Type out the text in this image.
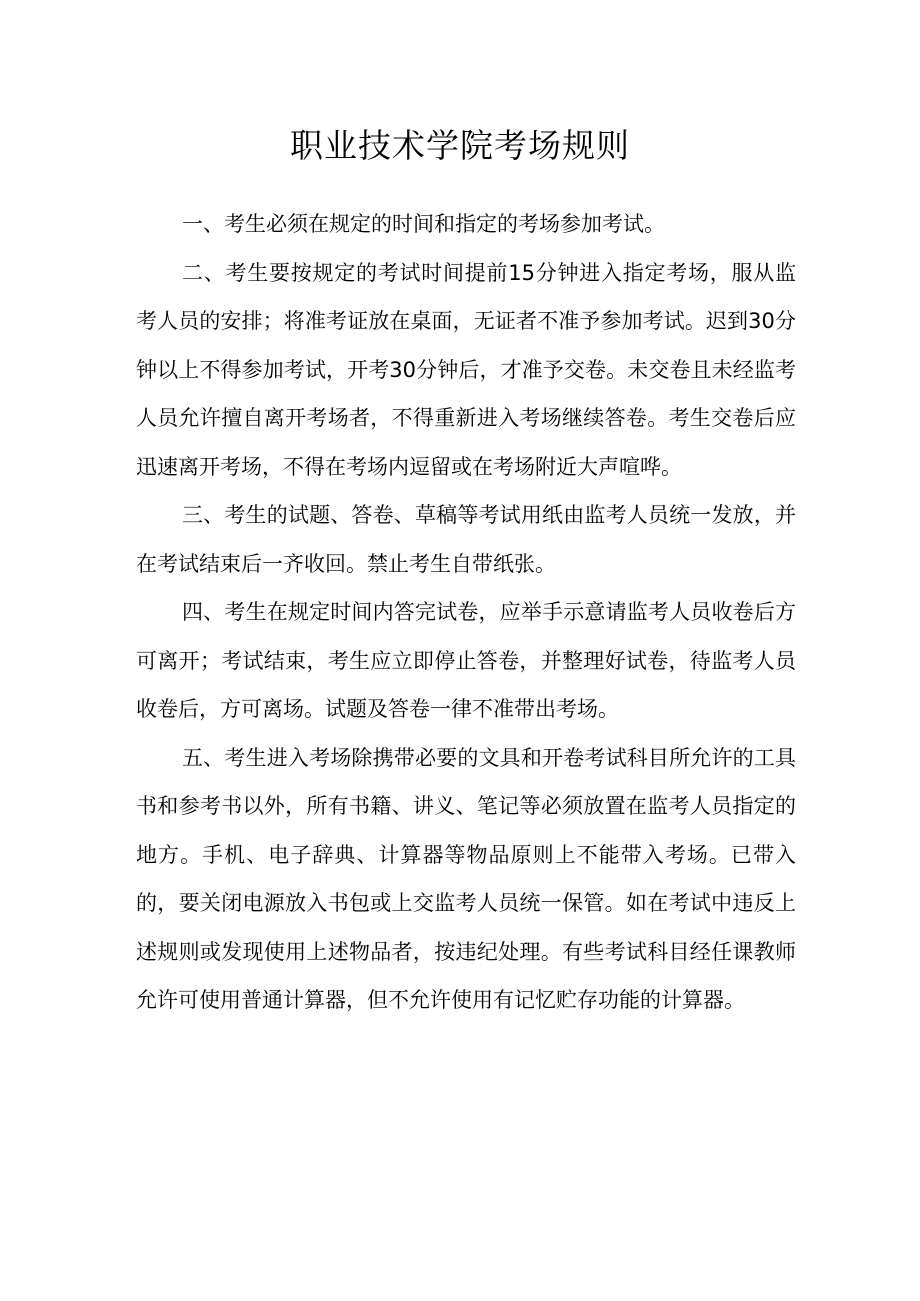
职业技术学院考场规则

一、考生必须在规定的时间和指定的考场参加考试。

二、考生要按规定的考试时间提前15分钟进入指定考场，服从监考人员的安排；将准考证放在桌面，无证者不准予参加考试。迟到30分钟以上不得参加考试，开考30分钟后，才准予交卷。未交卷且未经监考人员允许擅自离开考场者，不得重新进入考场继续答卷。考生交卷后应迅速离开考场，不得在考场内逗留或在考场附近大声喧哗。

三、考生的试题、答卷、草稿等考试用纸由监考人员统一发放，并在考试结束后一齐收回。禁止考生自带纸张。

四、考生在规定时间内答完试卷，应举手示意请监考人员收卷后方可离开；考试结束，考生应立即停止答卷，并整理好试卷，待监考人员收卷后，方可离场。试题及答卷一律不准带出考场。

五、考生进入考场除携带必要的文具和开卷考试科目所允许的工具书和参考书以外，所有书籍、讲义、笔记等必须放置在监考人员指定的地方。手机、电子辞典、计算器等物品原则上不能带入考场。已带入的，要关闭电源放入书包或上交监考人员统一保管。如在考试中违反上述规则或发现使用上述物品者，按违纪处理。有些考试科目经任课教师允许可使用普通计算器，但不允许使用有记忆贮存功能的计算器。
